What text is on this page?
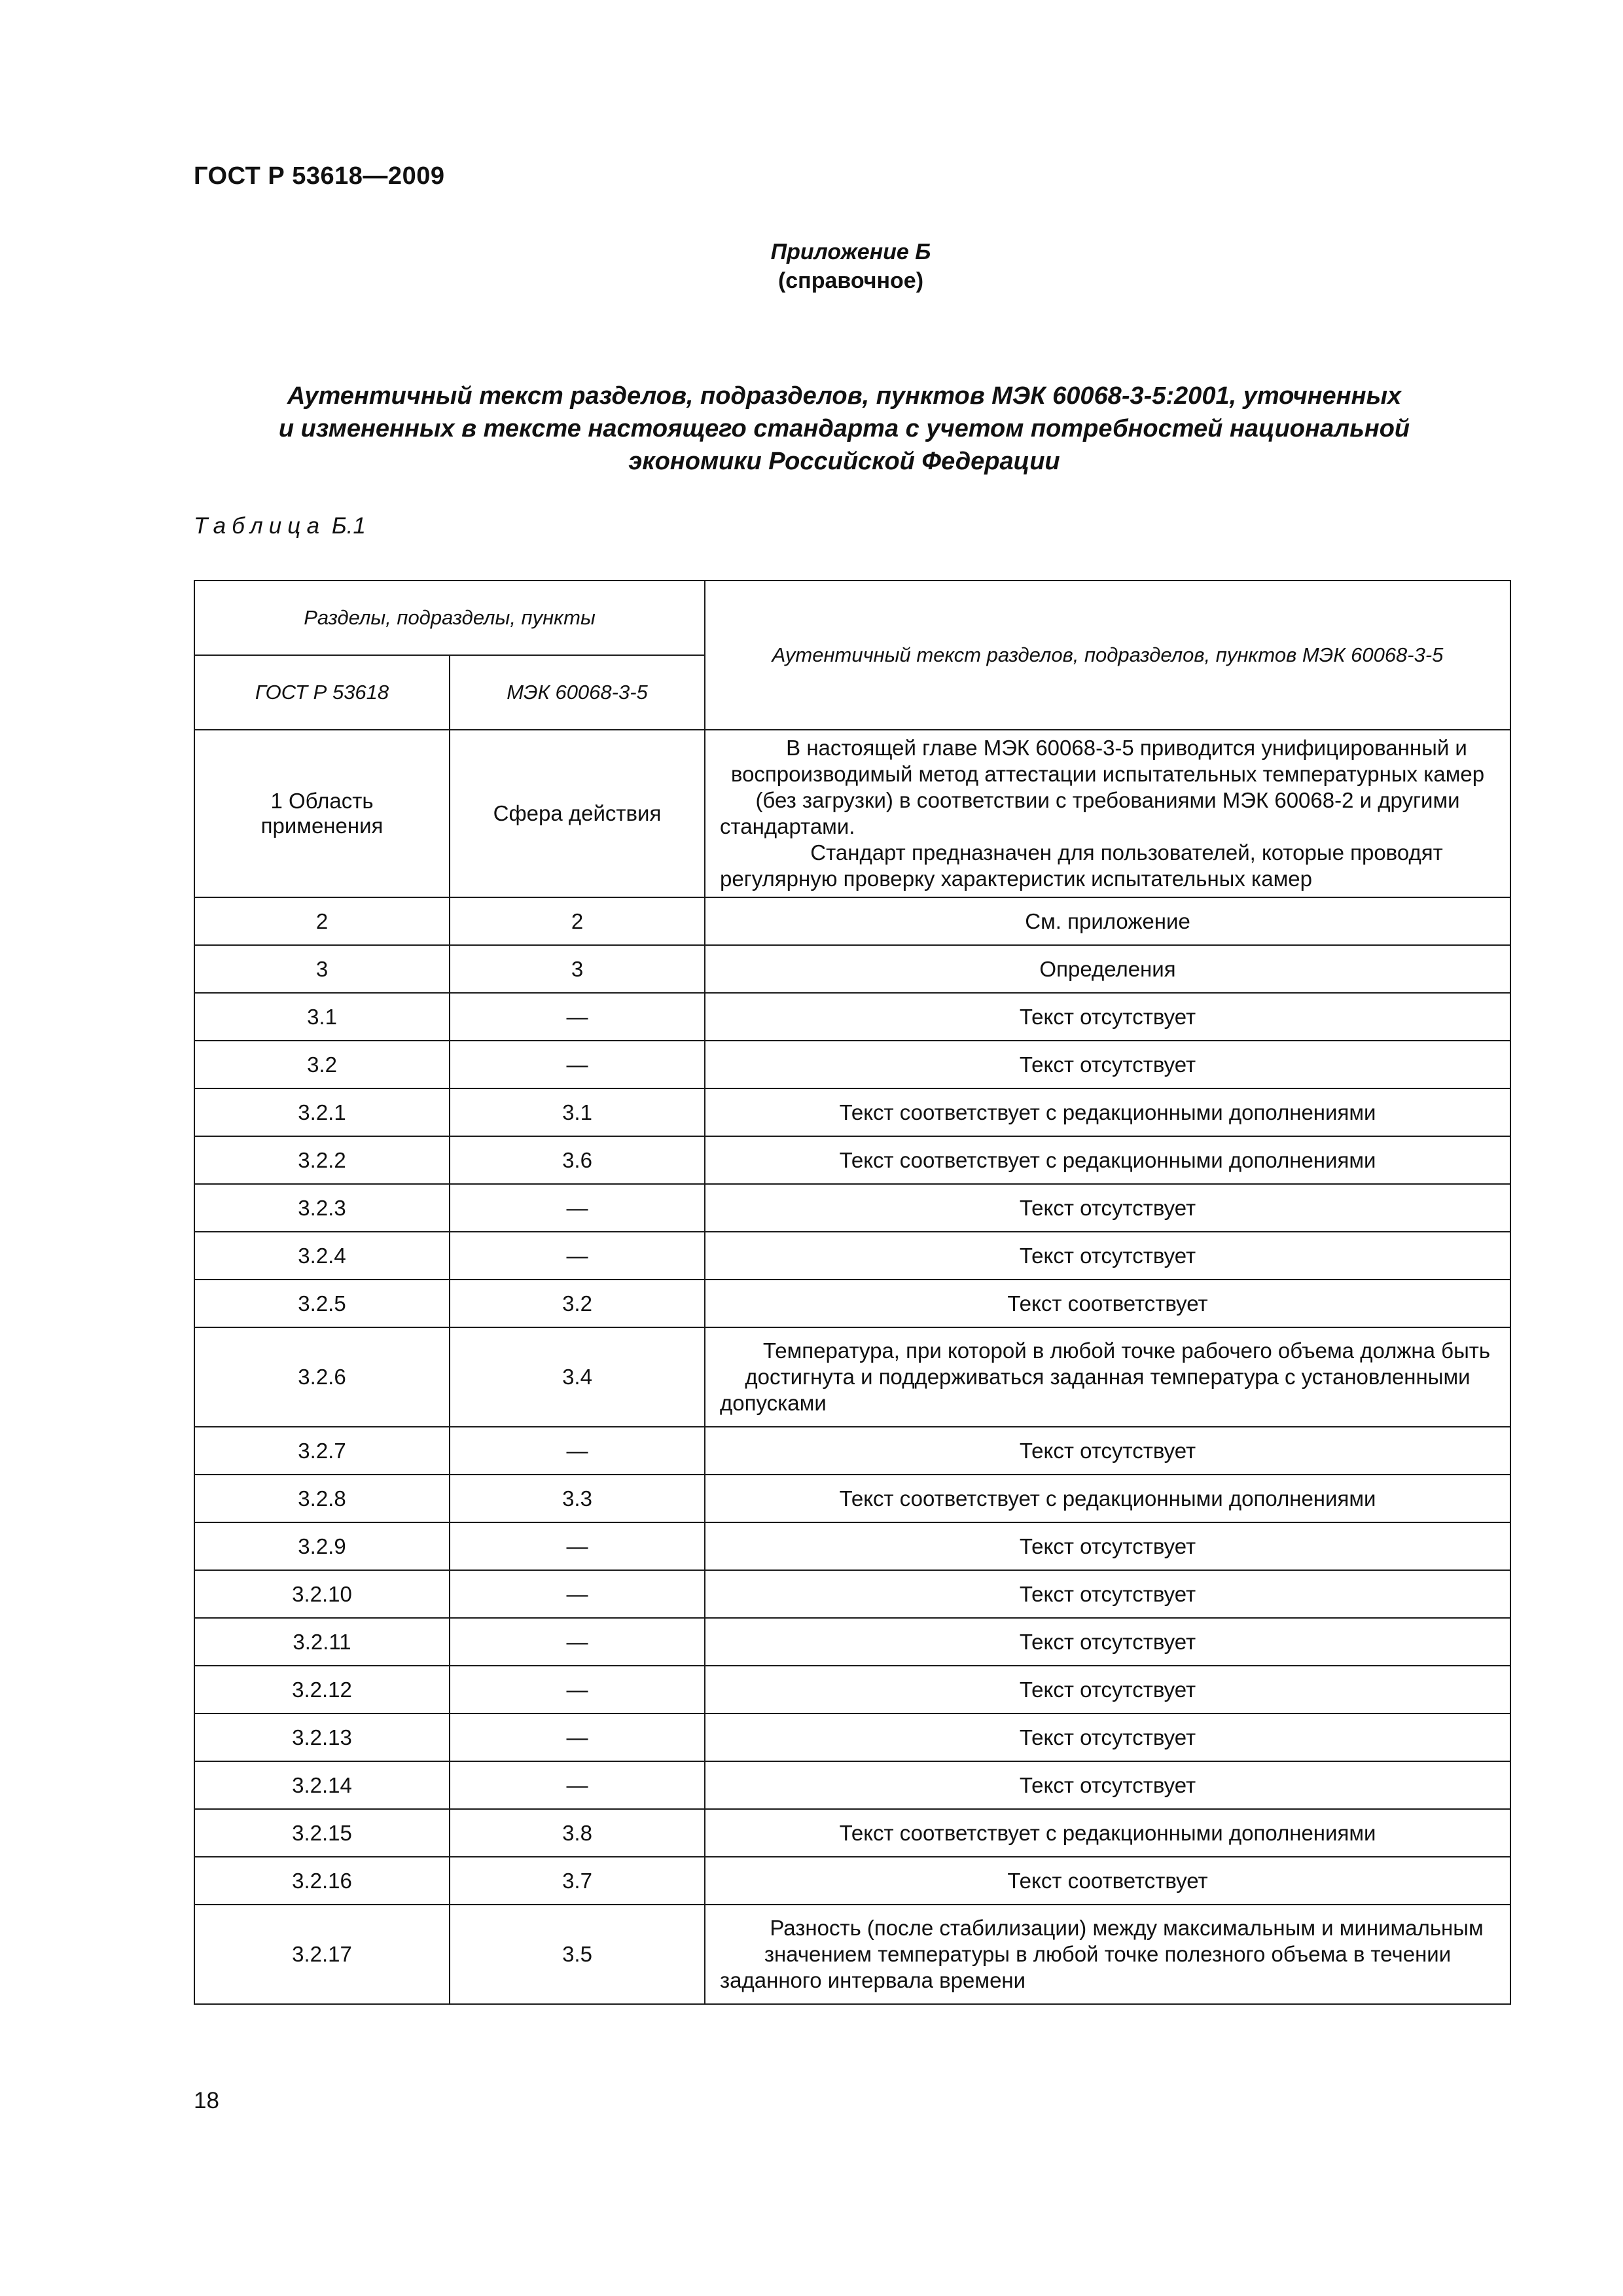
ГОСТ Р 53618—2009
Приложение Б
(справочное)
Аутентичный текст разделов, подразделов, пунктов МЭК 60068-3-5:2001, уточненных
и измененных в тексте настоящего стандарта с учетом потребностей национальной
экономики Российской Федерации
Таблица Б.1
Разделы, подразделы, пункты		Аутентичный текст разделов, подразделов, пунктов МЭК 60068-3-5
ГОСТ Р 53618	МЭК 60068-3-5	
1 Область применения	Сфера действия	В настоящей главе МЭК 60068-3-5 приводится унифицированный и воспроизводимый метод аттестации испытательных температурных камер (без загрузки) в соответствии с требованиями МЭК 60068-2 и другими стандартами.

Стандарт предназначен для пользователей, которые проводят регулярную проверку характеристик испытательных камер

2	2	См. приложение
3	3	Определения
3.1	—	Текст отсутствует
3.2	—	Текст отсутствует
3.2.1	3.1	Текст соответствует с редакционными дополнениями
3.2.2	3.6	Текст соответствует с редакционными дополнениями
3.2.3	—	Текст отсутствует
3.2.4	—	Текст отсутствует
3.2.5	3.2	Текст соответствует
3.2.6	3.4	Температура, при которой в любой точке рабочего объема должна быть достигнута и поддерживаться заданная температура с установленными допусками

3.2.7	—	Текст отсутствует
3.2.8	3.3	Текст соответствует с редакционными дополнениями
3.2.9	—	Текст отсутствует
3.2.10	—	Текст отсутствует
3.2.11	—	Текст отсутствует
3.2.12	—	Текст отсутствует
3.2.13	—	Текст отсутствует
3.2.14	—	Текст отсутствует
3.2.15	3.8	Текст соответствует с редакционными дополнениями
3.2.16	3.7	Текст соответствует
3.2.17	3.5	Разность (после стабилизации) между максимальным и минимальным значением температуры в любой точке полезного объема в течении заданного интервала времени

18
